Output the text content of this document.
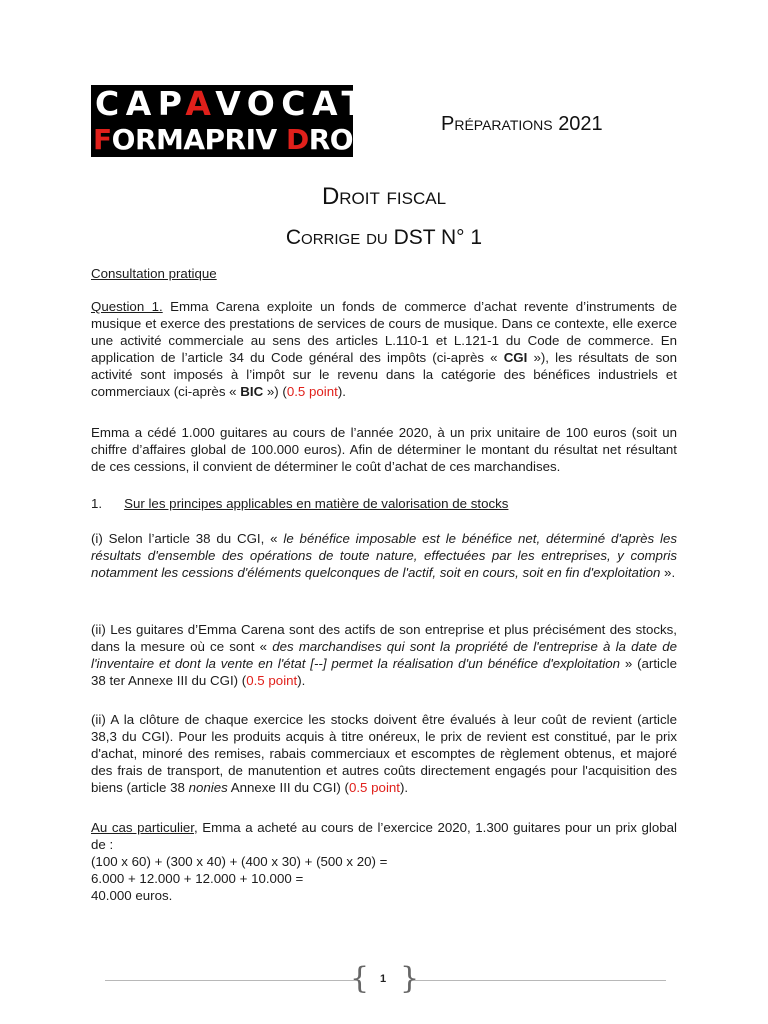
CAPAVOCAT
FORMAPRIV DROIT	Préparations 2021
Droit fiscal
Corrige du DST N° 1
Consultation pratique
Question 1. Emma Carena exploite un fonds de commerce d’achat revente d’instruments de musique et exerce des prestations de services de cours de musique. Dans ce contexte, elle exerce une activité commerciale au sens des articles L.110-1 et L.121-1 du Code de commerce. En application de l’article 34 du Code général des impôts (ci-après « CGI »), les résultats de son activité sont imposés à l’impôt sur le revenu dans la catégorie des bénéfices industriels et commerciaux (ci-après « BIC ») (0.5 point).
Emma a cédé 1.000 guitares au cours de l’année 2020, à un prix unitaire de 100 euros (soit un chiffre d’affaires global de 100.000 euros). Afin de déterminer le montant du résultat net résultant de ces cessions, il convient de déterminer le coût d’achat de ces marchandises.
1. Sur les principes applicables en matière de valorisation de stocks
(i) Selon l’article 38 du CGI, « le bénéfice imposable est le bénéfice net, déterminé d'après les résultats d'ensemble des opérations de toute nature, effectuées par les entreprises, y compris notamment les cessions d'éléments quelconques de l'actif, soit en cours, soit en fin d'exploitation ».
(ii) Les guitares d’Emma Carena sont des actifs de son entreprise et plus précisément des stocks, dans la mesure où ce sont « des marchandises qui sont la propriété de l'entreprise à la date de l'inventaire et dont la vente en l'état [--] permet la réalisation d'un bénéfice d'exploitation » (article 38 ter Annexe III du CGI) (0.5 point).
(ii) A la clôture de chaque exercice les stocks doivent être évalués à leur coût de revient (article 38,3 du CGI). Pour les produits acquis à titre onéreux, le prix de revient est constitué, par le prix d'achat, minoré des remises, rabais commerciaux et escomptes de règlement obtenus, et majoré des frais de transport, de manutention et autres coûts directement engagés pour l'acquisition des biens (article 38 nonies Annexe III du CGI) (0.5 point).
Au cas particulier, Emma a acheté au cours de l’exercice 2020, 1.300 guitares pour un prix global de :
(100 x 60) + (300 x 40) + (400 x 30) + (500 x 20) =
6.000 + 12.000 + 12.000 + 10.000 =
40.000 euros.
{ }
1
